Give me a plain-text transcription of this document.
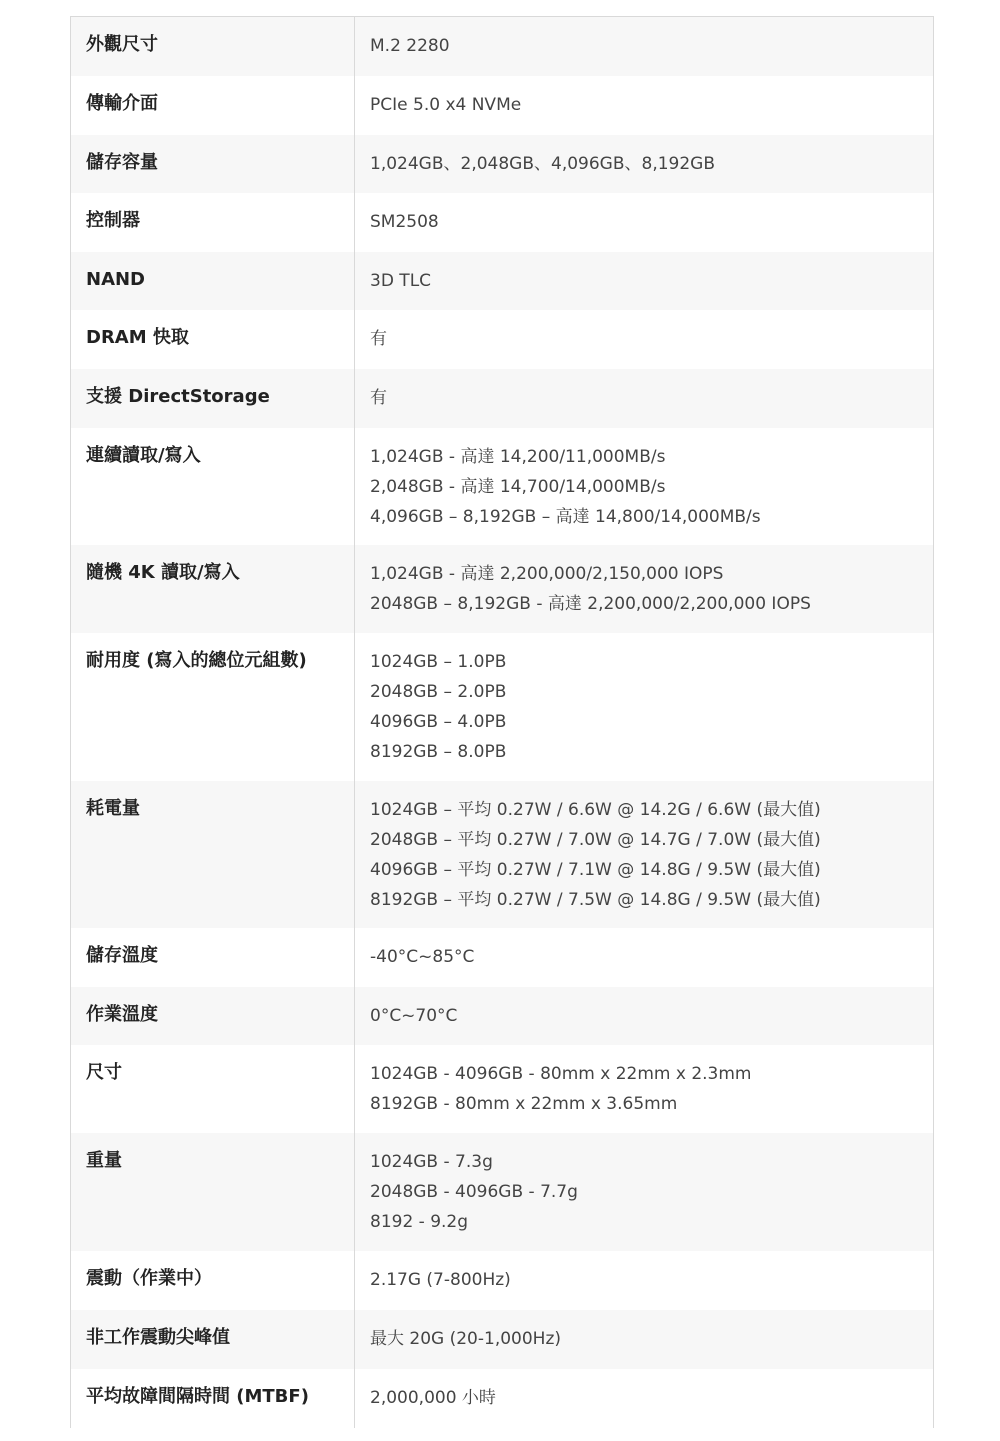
外觀尺寸	M.2 2280
傳輸介面	PCIe 5.0 x4 NVMe
儲存容量	1,024GB、2,048GB、4,096GB、8,192GB
控制器	SM2508
NAND	3D TLC
DRAM 快取	有
支援 DirectStorage	有
連續讀取/寫入	1,024GB - 高達 14,200/11,000MB/s
2,048GB - 高達 14,700/14,000MB/s
4,096GB – 8,192GB – 高達 14,800/14,000MB/s
隨機 4K 讀取/寫入	1,024GB - 高達 2,200,000/2,150,000 IOPS
2048GB – 8,192GB - 高達 2,200,000/2,200,000 IOPS
耐用度 (寫入的總位元組數)	1024GB – 1.0PB
2048GB – 2.0PB
4096GB – 4.0PB
8192GB – 8.0PB
耗電量	1024GB – 平均 0.27W / 6.6W @ 14.2G / 6.6W (最大值)
2048GB – 平均 0.27W / 7.0W @ 14.7G / 7.0W (最大值)
4096GB – 平均 0.27W / 7.1W @ 14.8G / 9.5W (最大值)
8192GB – 平均 0.27W / 7.5W @ 14.8G / 9.5W (最大值)
儲存溫度	-40°C~85°C
作業溫度	0°C~70°C
尺寸	1024GB - 4096GB - 80mm x 22mm x 2.3mm
8192GB - 80mm x 22mm x 3.65mm
重量	1024GB - 7.3g
2048GB - 4096GB - 7.7g
8192 - 9.2g
震動（作業中）	2.17G (7-800Hz)
非工作震動尖峰值	最大 20G (20-1,000Hz)
平均故障間隔時間 (MTBF)	2,000,000 小時
